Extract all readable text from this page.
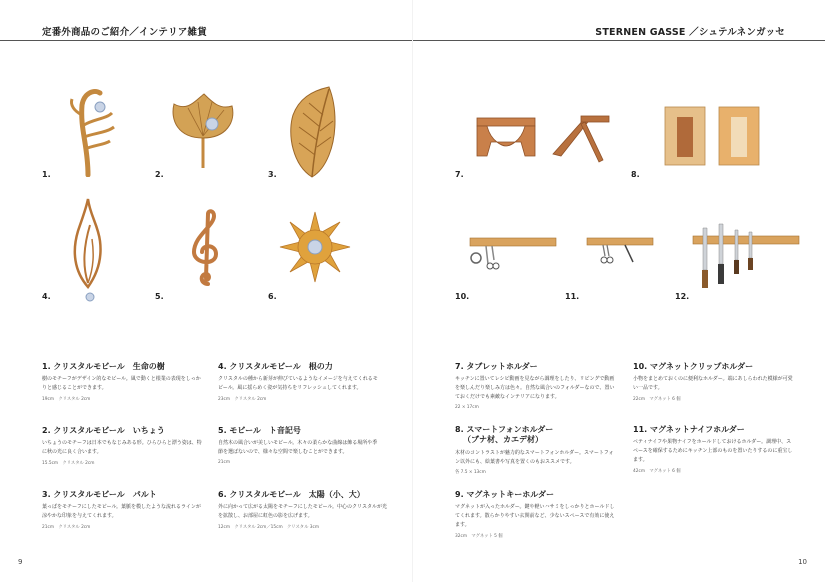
定番外商品のご紹介／インテリア雑貨
1.	2.	3.
4.	5.	6.
1. クリスタルモビール　生命の樹
樹のモチーフがデザイン的なモビール。風で動くと根業の表現をしっかりと感じることができます。
19cm　クリスタル 2cm
2. クリスタルモビール　いちょう
いちょうのモチーフは日本でもなじみある形。ひらひらと漂う姿は、特に秋の光に良く合います。
15.5cm　クリスタル 2cm
3. クリスタルモビール　パルト
葉っぱをモチーフにしたモビール。葉脈を模したような流れるラインが涼やかな印象を与えてくれます。
21cm　クリスタル 2cm
4. クリスタルモビール　根の力
クリスタルの種から新芽が伸びているようなイメージを与えてくれるモビール。風に揺らめく姿が気持ちをリフレッシュしてくれます。
23cm　クリスタル 2cm
5. モビール　ト音記号
自然木の風合いが美しいモビール。木々の柔らかな曲線は飾る場所や季節を選ばないので、様々な空間で楽しむことができます。
21cm
6. クリスタルモビール　太陽（小、大）
外に向かって広がる太陽をモチーフにしたモビール。中心のクリスタルが光を拡散し、お部屋に虹色の影を広げます。
12cm　クリスタル 2cm／15cm　クリスタル 3cm
9
STERNEN GASSE ／シュテルネンガッセ
7.	8.
10.	11.	12.
7. タブレットホルダー
キッチンに置いてレシピ動画を見ながら調理をしたり、リビングで動画を楽しんだり楽しみ方は色々。自然な風合いのフォルダーなので、置いておくだけでも素敵なインテリアになります。
22 × 17cm
8. スマートフォンホルダー
（ブナ材、カエデ材）
木材のコントラストが魅力的なスマートフォンホルダー。スマートフォン以外にも、絵葉書や写真を置くのもおススメです。
各 7.5 × 13cm
9. マグネットキーホルダー
マグネットが入ったホルダー。鍵や軽いハサミをしっかりとホールドしてくれます。散らかりやすい玄関前など、少ないスペースで有効に使えます。
32cm　マグネット 5 個
10. マグネットクリップホルダー
小物をまとめておくのに便利なホルダー。端にあしらわれた模様が可愛い一品です。
22cm　マグネット 6 個
11. マグネットナイフホルダー
ペティナイフや果物ナイフをホールドしておけるホルダー。調理中、スペースを確保するためにキッチン上部のものを置いたりするのに重宝します。
42cm　マグネット 6 個
10
